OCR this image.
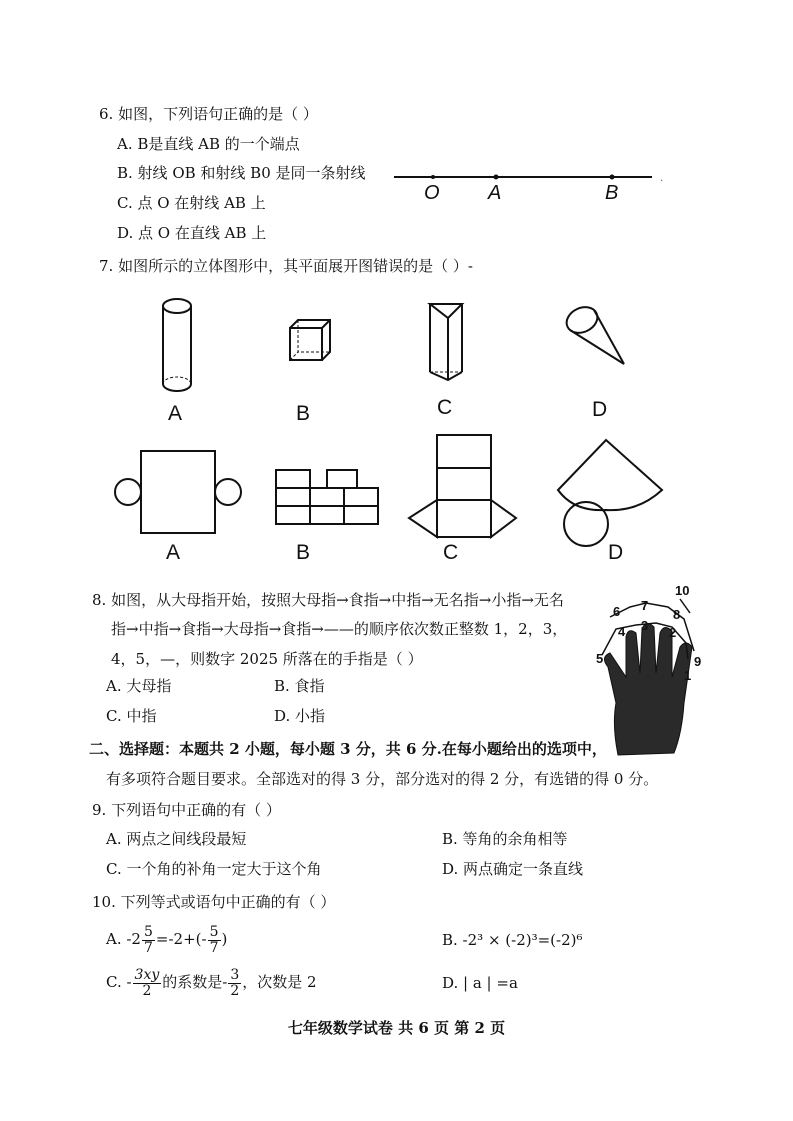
6. 如图，下列语句正确的是（ ）
A. B是直线 AB 的一个端点
B. 射线 OB 和射线 B0 是同一条射线
C. 点 O 在射线 AB 上
D. 点 O 在直线 AB 上
.
O A	B
7. 如图所示的立体图形中，其平面展开图错误的是（ ）-
A	B	C	D
A	B	C	D
8. 如图，从大母指开始，按照大母指→食指→中指→无名指→小指→无名
指→中指→食指→大母指→食指→——的顺序依次数正整数 1，2，3，
4，5，—，则数字 2025 所落在的手指是（ ）
A. 大母指	B. 食指
C. 中指	D. 小指
5
4 3 2
1
6 7
8
9
10
二、选择题：本题共 2 小题，每小题 3 分，共 6 分.在每小题给出的选项中，
有多项符合题目要求。全部选对的得 3 分，部分选对的得 2 分，有选错的得 0 分。
9. 下列语句中正确的有（ ）
A. 两点之间线段最短	B. 等角的余角相等
C. 一个角的补角一定大于这个角	D. 两点确定一条直线
10. 下列等式或语句中正确的有（ ）
A. $-2 \frac{5}{7} =-2+(- \frac{5}{7}$ )	B. -2³ × (-2)³=(-2)⁶
C. - $\frac{3xy}{2}$ 的系数是- $\frac{3}{2}$ ，次数是 2	D. | a | =a
七年级数学试卷 共 6 页 第 2 页
